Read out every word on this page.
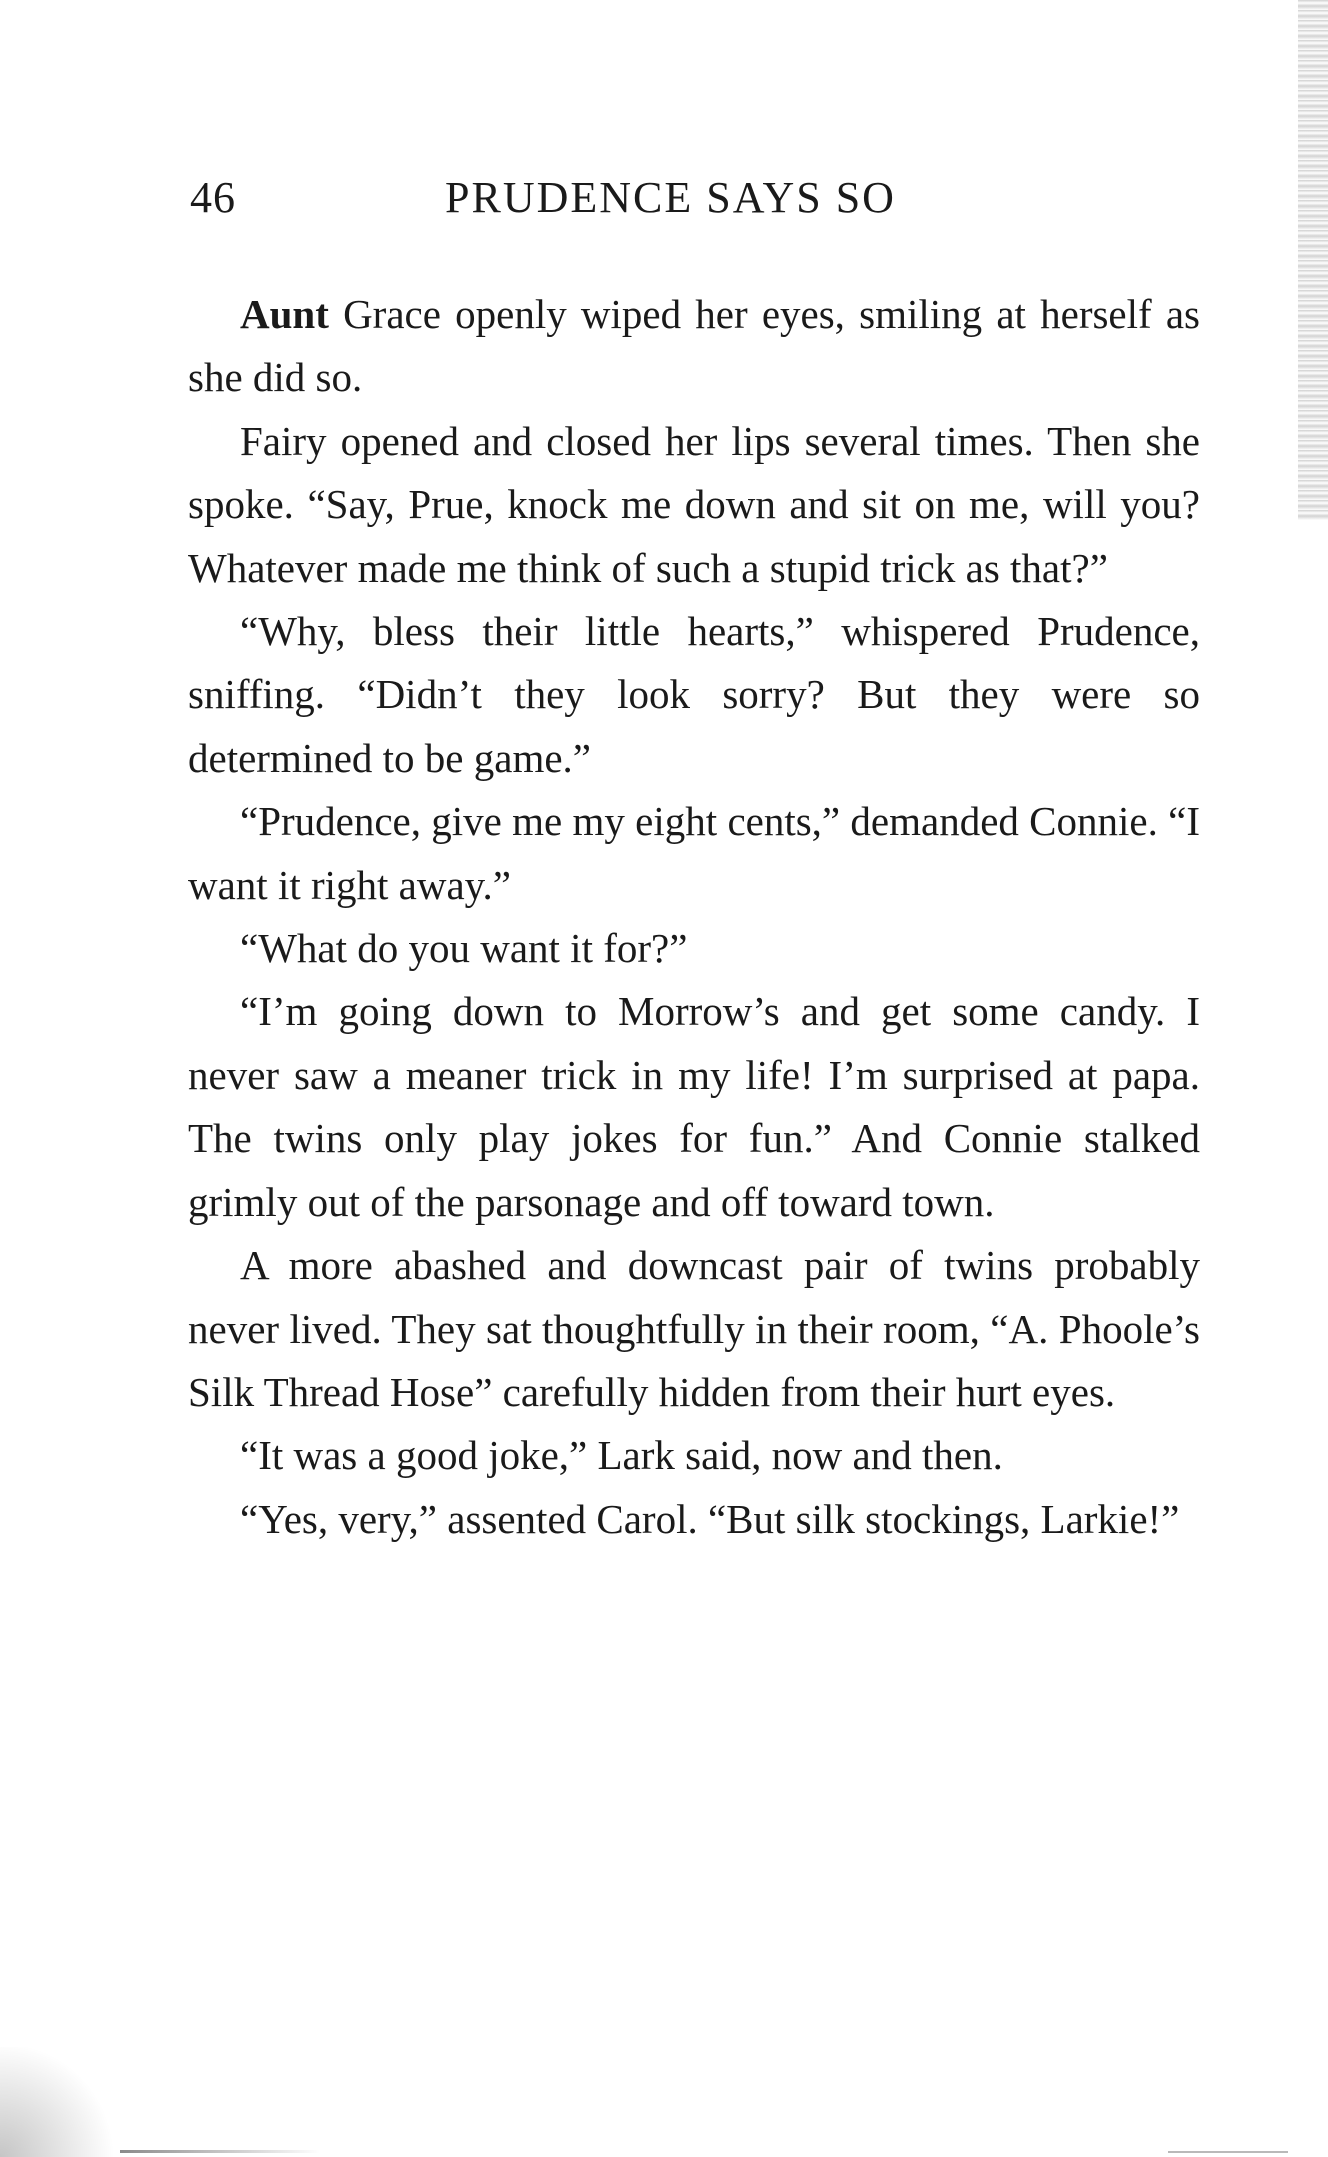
46	PRUDENCE SAYS SO

Aunt Grace openly wiped her eyes, smiling at herself as she did so.

Fairy opened and closed her lips several times. Then she spoke. “Say, Prue, knock me down and sit on me, will you? Whatever made me think of such a stupid trick as that?”

“Why, bless their little hearts,” whispered Prudence, sniffing. “Didn’t they look sorry? But they were so determined to be game.”

“Prudence, give me my eight cents,” demanded Connie. “I want it right away.”

“What do you want it for?”

“I’m going down to Morrow’s and get some candy. I never saw a meaner trick in my life! I’m surprised at papa. The twins only play jokes for fun.” And Connie stalked grimly out of the parsonage and off toward town.

A more abashed and downcast pair of twins probably never lived. They sat thoughtfully in their room, “A. Phoole’s Silk Thread Hose” carefully hidden from their hurt eyes.

“It was a good joke,” Lark said, now and then.

“Yes, very,” assented Carol. “But silk stockings, Larkie!”
